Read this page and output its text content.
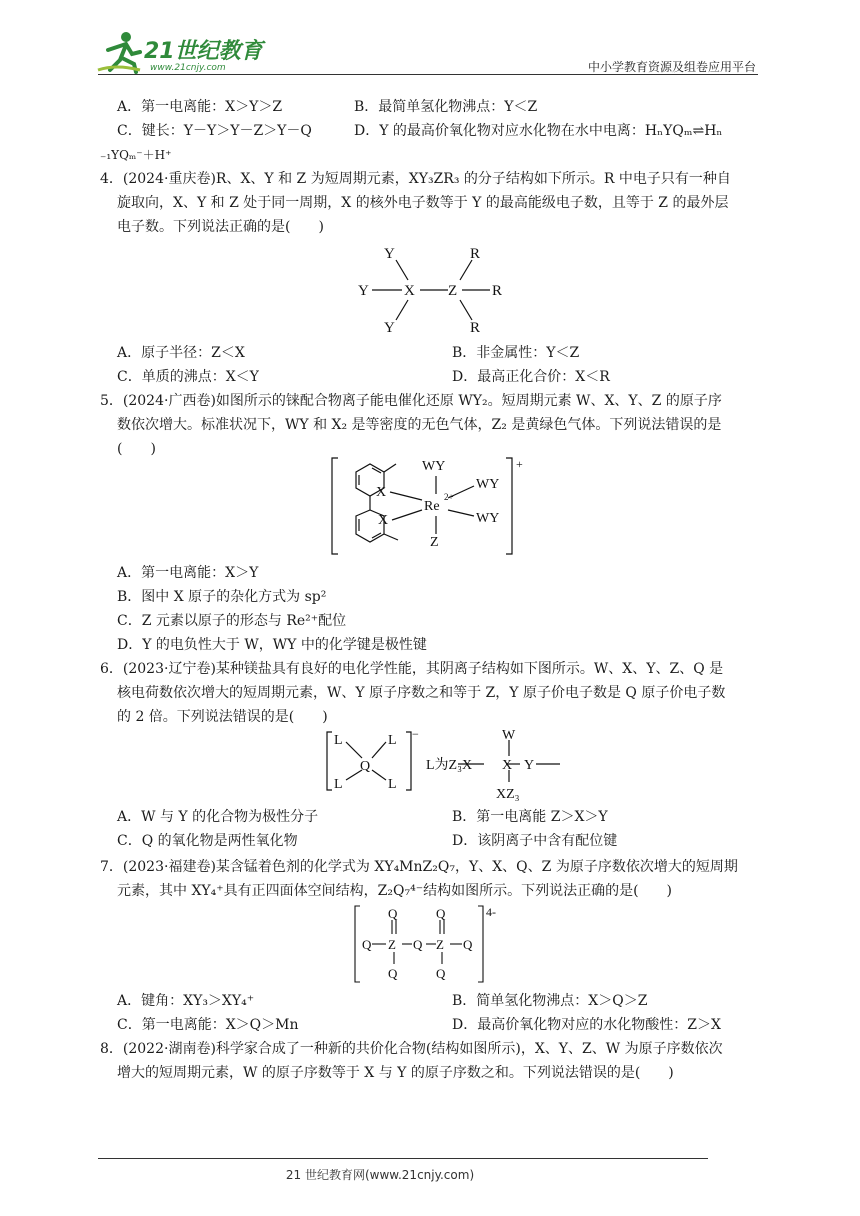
21世纪教育
www.21cnjy.com	中小学教育资源及组卷应用平台
A．第一电离能：X＞Y＞Z	B．最简单氢化物沸点：Y＜Z
C．键长：Y－Y＞Y－Z＞Y－Q	D．Y 的最高价氧化物对应水化物在水中电离：HₙYQₘ⇌Hₙ
₋₁YQₘ⁻＋H⁺
4．(2024·重庆卷)R、X、Y 和 Z 为短周期元素，XY₃ZR₃ 的分子结构如下所示。R 中电子只有一种自
旋取向，X、Y 和 Z 处于同一周期，X 的核外电子数等于 Y 的最高能级电子数，且等于 Z 的最外层
电子数。下列说法正确的是(　　)
Y
Y X
Y
Z
R
R
R
A．原子半径：Z＜X	B．非金属性：Y＜Z
C．单质的沸点：X＜Y	D．最高正化合价：X＜R
5．(2024·广西卷)如图所示的铼配合物离子能电催化还原 WY₂。短周期元素 W、X、Y、Z 的原子序
数依次增大。标准状况下，WY 和 X₂ 是等密度的无色气体，Z₂ 是黄绿色气体。下列说法错误的是
(　　)
WY
WY
WY
X
X
Re
2+
Z
+
A．第一电离能：X＞Y
B．图中 X 原子的杂化方式为 sp²
C．Z 元素以原子的形态与 Re²⁺配位
D．Y 的电负性大于 W，WY 中的化学键是极性键
6．(2023·辽宁卷)某种镁盐具有良好的电化学性能，其阴离子结构如下图所示。W、X、Y、Z、Q 是
核电荷数依次增大的短周期元素，W、Y 原子序数之和等于 Z，Y 原子价电子数是 Q 原子价电子数
的 2 倍。下列说法错误的是(　　)
L	L
Q
L	L
−
L为Z₃X
W
X Y
XZ₃
A．W 与 Y 的化合物为极性分子	B．第一电离能 Z＞X＞Y
C．Q 的氧化物是两性氧化物	D．该阴离子中含有配位键
7．(2023·福建卷)某含锰着色剂的化学式为 XY₄MnZ₂Q₇，Y、X、Q、Z 为原子序数依次增大的短周期
元素，其中 XY₄⁺具有正四面体空间结构，Z₂Q₇⁴⁻结构如图所示。下列说法正确的是(　　)
Q	Q
Q Z Q Z Q
Q	Q
4-
A．键角：XY₃＞XY₄⁺	B．简单氢化物沸点：X＞Q＞Z
C．第一电离能：X＞Q＞Mn	D．最高价氧化物对应的水化物酸性：Z＞X
8．(2022·湖南卷)科学家合成了一种新的共价化合物(结构如图所示)，X、Y、Z、W 为原子序数依次
增大的短周期元素，W 的原子序数等于 X 与 Y 的原子序数之和。下列说法错误的是(　　)
21 世纪教育网(www.21cnjy.com)
